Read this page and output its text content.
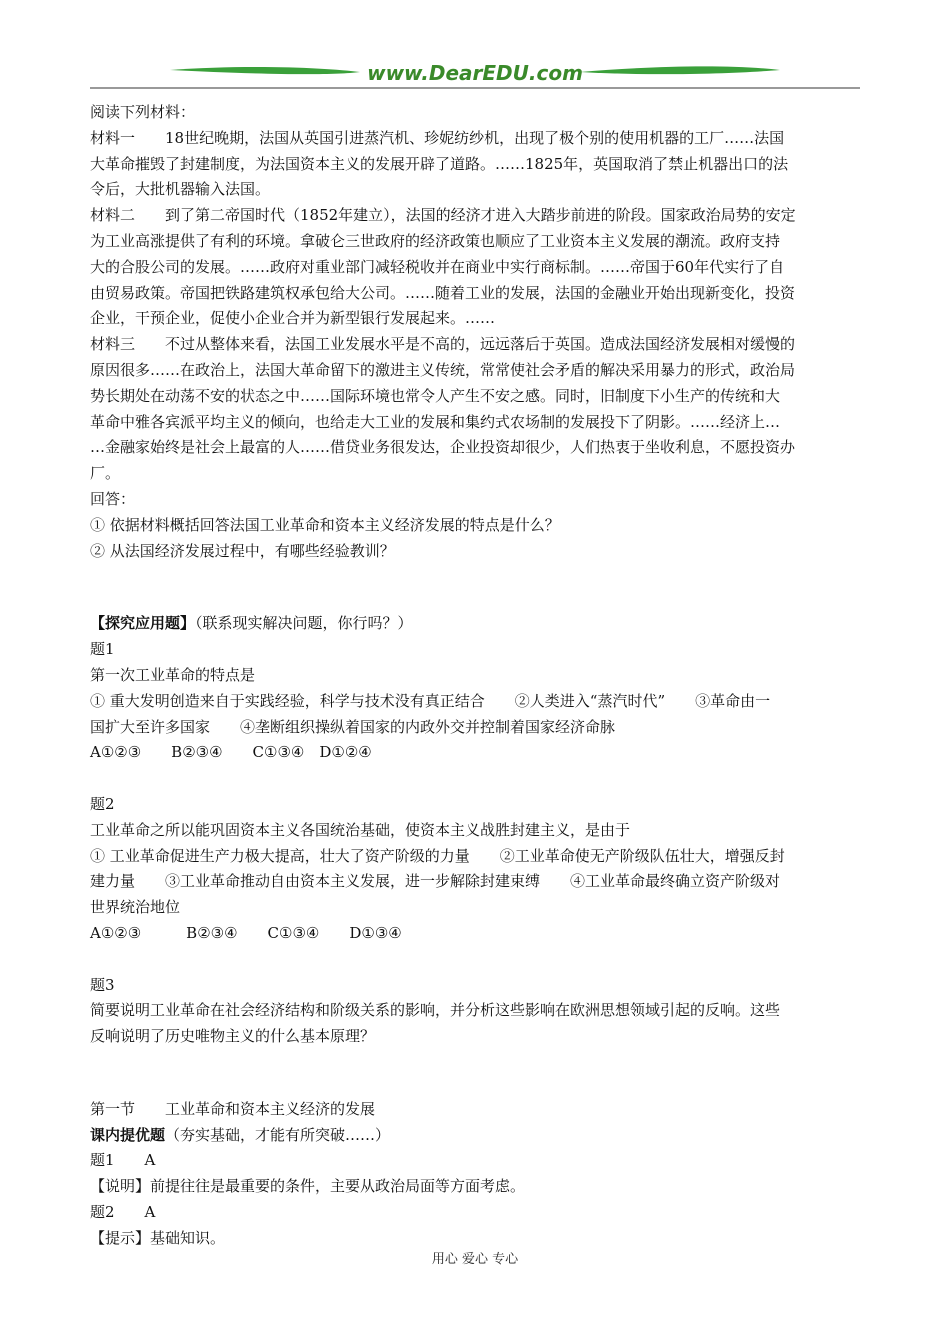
www.DearEDU.com

阅读下列材料：

材料一　　18世纪晚期，法国从英国引进蒸汽机、珍妮纺纱机，出现了极个别的使用机器的工厂……法国

大革命摧毁了封建制度，为法国资本主义的发展开辟了道路。……1825年，英国取消了禁止机器出口的法

令后，大批机器输入法国。

材料二　　到了第二帝国时代（1852年建立），法国的经济才进入大踏步前进的阶段。国家政治局势的安定

为工业高涨提供了有利的环境。拿破仑三世政府的经济政策也顺应了工业资本主义发展的潮流。政府支持

大的合股公司的发展。……政府对重业部门减轻税收并在商业中实行商标制。……帝国于60年代实行了自

由贸易政策。帝国把铁路建筑权承包给大公司。……随着工业的发展，法国的金融业开始出现新变化，投资

企业，干预企业，促使小企业合并为新型银行发展起来。……

材料三　　不过从整体来看，法国工业发展水平是不高的，远远落后于英国。造成法国经济发展相对缓慢的

原因很多……在政治上，法国大革命留下的激进主义传统，常常使社会矛盾的解决采用暴力的形式，政治局

势长期处在动荡不安的状态之中……国际环境也常令人产生不安之感。同时，旧制度下小生产的传统和大

革命中雅各宾派平均主义的倾向，也给走大工业的发展和集约式农场制的发展投下了阴影。……经济上…

…金融家始终是社会上最富的人……借贷业务很发达，企业投资却很少，人们热衷于坐收利息，不愿投资办

厂。

回答：

① 依据材料概括回答法国工业革命和资本主义经济发展的特点是什么？

② 从法国经济发展过程中，有哪些经验教训？

【探究应用题】（联系现实解决问题，你行吗？）

题1

第一次工业革命的特点是

① 重大发明创造来自于实践经验，科学与技术没有真正结合　　②人类进入“蒸汽时代”　　③革命由一

国扩大至许多国家　　④垄断组织操纵着国家的内政外交并控制着国家经济命脉

A①②③　　B②③④　　C①③④　D①②④

题2

工业革命之所以能巩固资本主义各国统治基础，使资本主义战胜封建主义，是由于

① 工业革命促进生产力极大提高，壮大了资产阶级的力量　　②工业革命使无产阶级队伍壮大，增强反封

建力量　　③工业革命推动自由资本主义发展，进一步解除封建束缚　　④工业革命最终确立资产阶级对

世界统治地位

A①②③　　　B②③④　　C①③④　　D①③④

题3

简要说明工业革命在社会经济结构和阶级关系的影响，并分析这些影响在欧洲思想领域引起的反响。这些

反响说明了历史唯物主义的什么基本原理？

第一节　　工业革命和资本主义经济的发展

课内提优题（夯实基础，才能有所突破……）

题1　　A

【说明】前提往往是最重要的条件，主要从政治局面等方面考虑。

题2　　A

【提示】基础知识。

用心 爱心 专心
